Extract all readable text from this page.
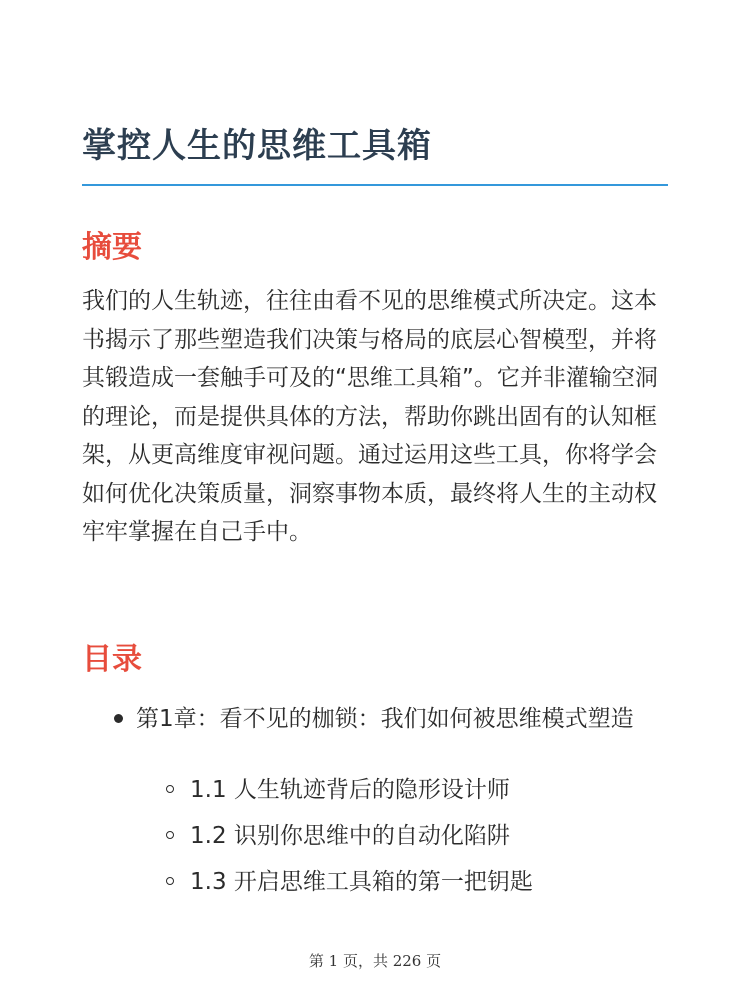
掌控人生的思维工具箱
摘要

我们的人生轨迹，往往由看不见的思维模式所决定。这本书揭示了那些塑造我们决策与格局的底层心智模型，并将其锻造成一套触手可及的“思维工具箱”。它并非灌输空洞的理论，而是提供具体的方法，帮助你跳出固有的认知框架，从更高维度审视问题。通过运用这些工具，你将学会如何优化决策质量，洞察事物本质，最终将人生的主动权牢牢掌握在自己手中。

目录
第1章：看不见的枷锁：我们如何被思维模式塑造
1.1 人生轨迹背后的隐形设计师
1.2 识别你思维中的自动化陷阱
1.3 开启思维工具箱的第一把钥匙
第 1 页，共 226 页
